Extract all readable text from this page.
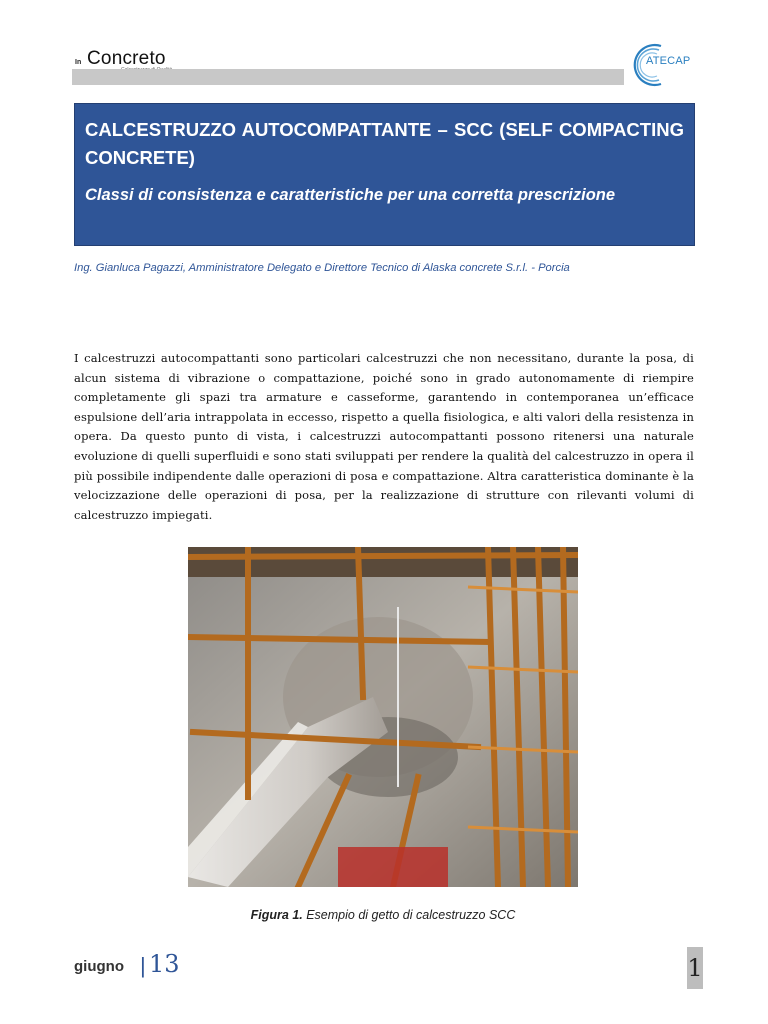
In Concreto	ATECAP

CALCESTRUZZO AUTOCOMPATTANTE – SCC (SELF COMPACTING CONCRETE)

Classi di consistenza e caratteristiche per una corretta prescrizione

Ing. Gianluca Pagazzi, Amministratore Delegato e Direttore Tecnico di Alaska concrete S.r.l. - Porcia

I calcestruzzi autocompattanti sono particolari calcestruzzi che non necessitano, durante la posa, di alcun sistema di vibrazione o compattazione, poiché sono in grado autonomamente di riempire completamente gli spazi tra armature e casseforme, garantendo in contemporanea un’efficace espulsione dell’aria intrappolata in eccesso, rispetto a quella fisiologica, e alti valori della resistenza in opera. Da questo punto di vista, i calcestruzzi autocompattanti possono ritenersi una naturale evoluzione di quelli superfluidi e sono stati sviluppati per rendere la qualità del calcestruzzo in opera il più possibile indipendente dalle operazioni di posa e compattazione. Altra caratteristica dominante è la velocizzazione delle operazioni di posa, per la realizzazione di strutture con rilevanti volumi di calcestruzzo impiegati.

Figura 1. Esempio di getto di calcestruzzo SCC
giugno | 13	1
